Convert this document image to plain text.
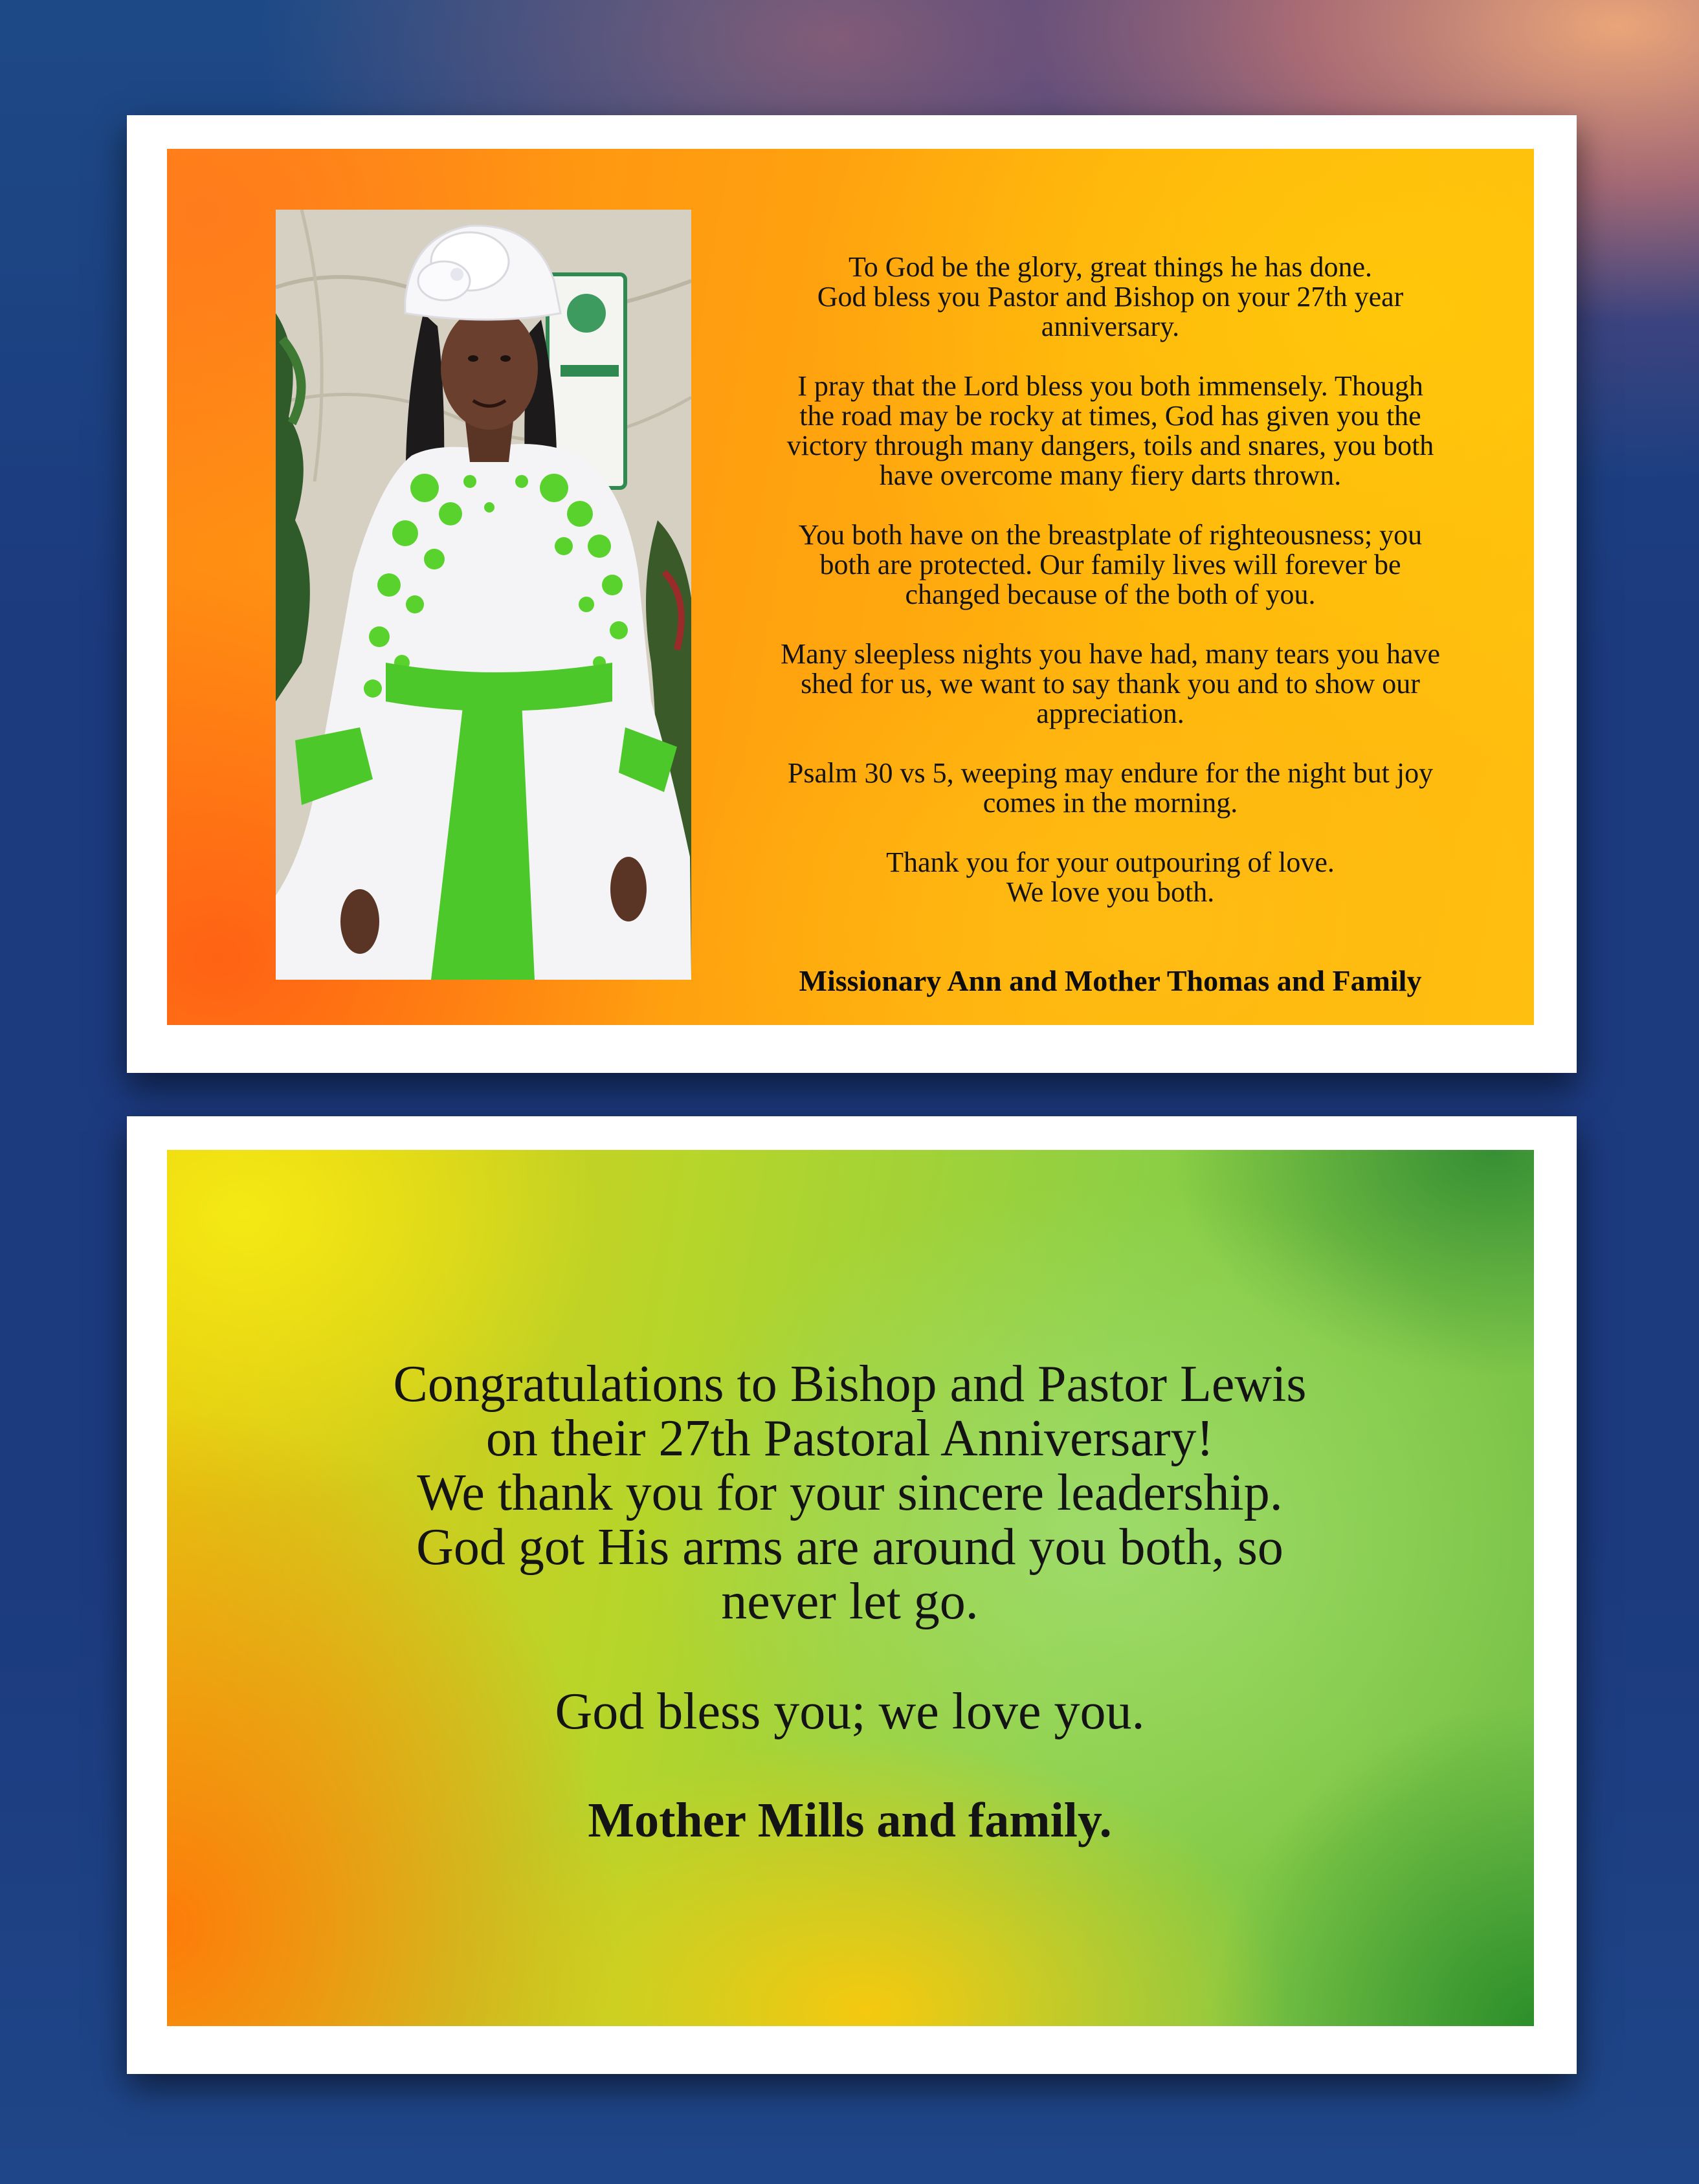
To God be the glory, great things he has done.
God bless you Pastor and Bishop on your 27th year
anniversary.

I pray that the Lord bless you both immensely. Though
the road may be rocky at times, God has given you the
victory through many dangers, toils and snares, you both
have overcome many fiery darts thrown.

You both have on the breastplate of righteousness; you
both are protected. Our family lives will forever be
changed because of the both of you.

Many sleepless nights you have had, many tears you have
shed for us, we want to say thank you and to show our
appreciation.

Psalm 30 vs 5, weeping may endure for the night but joy
comes in the morning.

Thank you for your outpouring of love.
We love you both.

Missionary Ann and Mother Thomas and Family

Congratulations to Bishop and Pastor Lewis
on their 27th Pastoral Anniversary!
We thank you for your sincere leadership.
God got His arms are around you both, so
never let go.

God bless you; we love you.

Mother Mills and family.
